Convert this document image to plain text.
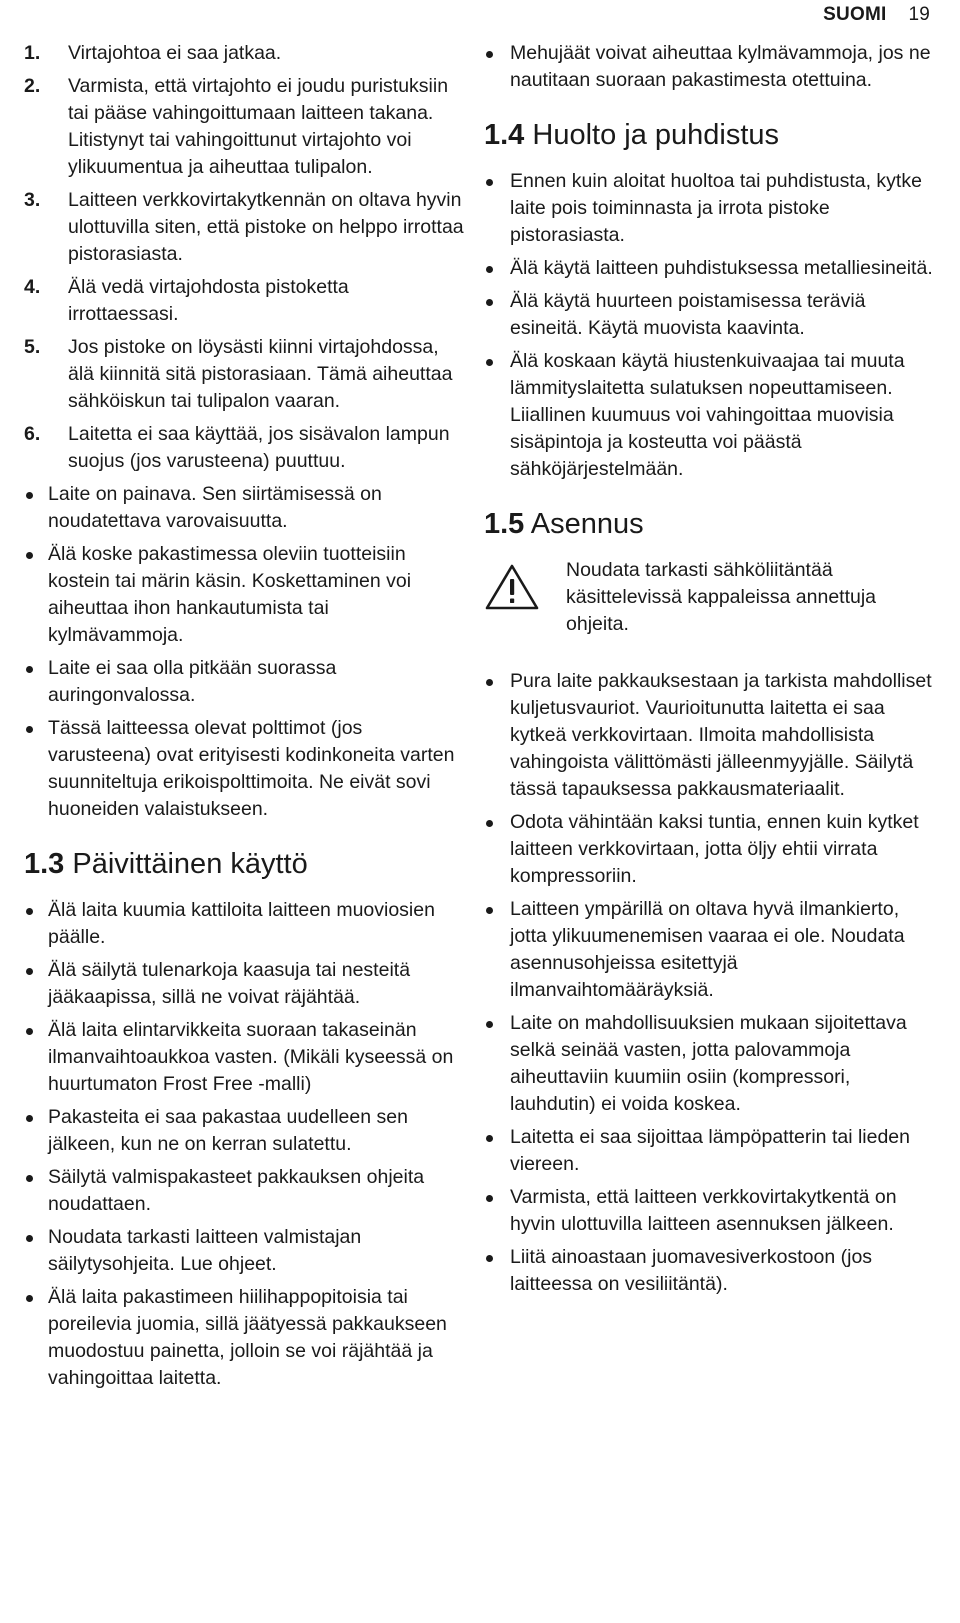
SUOMI 19
1. Virtajohtoa ei saa jatkaa.
2. Varmista, että virtajohto ei joudu puristuksiin tai pääse vahingoittumaan laitteen takana. Litistynyt tai vahingoittunut virtajohto voi ylikuumentua ja aiheuttaa tulipalon.
3. Laitteen verkkovirtakytkennän on oltava hyvin ulottuvilla siten, että pistoke on helppo irrottaa pistorasiasta.
4. Älä vedä virtajohdosta pistoketta irrottaessasi.
5. Jos pistoke on löysästi kiinni virtajohdossa, älä kiinnitä sitä pistorasiaan. Tämä aiheuttaa sähköiskun tai tulipalon vaaran.
6. Laitetta ei saa käyttää, jos sisävalon lampun suojus (jos varusteena) puuttuu.
Laite on painava. Sen siirtämisessä on noudatettava varovaisuutta.
Älä koske pakastimessa oleviin tuotteisiin kostein tai märin käsin. Koskettaminen voi aiheuttaa ihon hankautumista tai kylmävammoja.
Laite ei saa olla pitkään suorassa auringonvalossa.
Tässä laitteessa olevat polttimot (jos varusteena) ovat erityisesti kodinkoneita varten suunniteltuja erikoispolttimoita. Ne eivät sovi huoneiden valaistukseen.
1.3 Päivittäinen käyttö
Älä laita kuumia kattiloita laitteen muoviosien päälle.
Älä säilytä tulenarkoja kaasuja tai nesteitä jääkaapissa, sillä ne voivat räjähtää.
Älä laita elintarvikkeita suoraan takaseinän ilmanvaihtoaukkoa vasten. (Mikäli kyseessä on huurtumaton Frost Free -malli)
Pakasteita ei saa pakastaa uudelleen sen jälkeen, kun ne on kerran sulatettu.
Säilytä valmispakasteet pakkauksen ohjeita noudattaen.
Noudata tarkasti laitteen valmistajan säilytysohjeita. Lue ohjeet.
Älä laita pakastimeen hiilihappopitoisia tai poreilevia juomia, sillä jäätyessä pakkaukseen muodostuu painetta, jolloin se voi räjähtää ja vahingoittaa laitetta.
Mehujäät voivat aiheuttaa kylmävammoja, jos ne nautitaan suoraan pakastimesta otettuina.
1.4 Huolto ja puhdistus
Ennen kuin aloitat huoltoa tai puhdistusta, kytke laite pois toiminnasta ja irrota pistoke pistorasiasta.
Älä käytä laitteen puhdistuksessa metalliesineitä.
Älä käytä huurteen poistamisessa teräviä esineitä. Käytä muovista kaavinta.
Älä koskaan käytä hiustenkuivaajaa tai muuta lämmityslaitetta sulatuksen nopeuttamiseen. Liiallinen kuumuus voi vahingoittaa muovisia sisäpintoja ja kosteutta voi päästä sähköjärjestelmään.
1.5 Asennus
Noudata tarkasti sähköliitäntää käsittelevissä kappaleissa annettuja ohjeita.
Pura laite pakkauksestaan ja tarkista mahdolliset kuljetusvauriot. Vaurioitunutta laitetta ei saa kytkeä verkkovirtaan. Ilmoita mahdollisista vahingoista välittömästi jälleenmyyjälle. Säilytä tässä tapauksessa pakkausmateriaalit.
Odota vähintään kaksi tuntia, ennen kuin kytket laitteen verkkovirtaan, jotta öljy ehtii virrata kompressoriin.
Laitteen ympärillä on oltava hyvä ilmankierto, jotta ylikuumenemisen vaaraa ei ole. Noudata asennusohjeissa esitettyjä ilmanvaihtomääräyksiä.
Laite on mahdollisuuksien mukaan sijoitettava selkä seinää vasten, jotta palovammoja aiheuttaviin kuumiin osiin (kompressori, lauhdutin) ei voida koskea.
Laitetta ei saa sijoittaa lämpöpatterin tai lieden viereen.
Varmista, että laitteen verkkovirtakytkentä on hyvin ulottuvilla laitteen asennuksen jälkeen.
Liitä ainoastaan juomavesiverkostoon (jos laitteessa on vesiliitäntä).
